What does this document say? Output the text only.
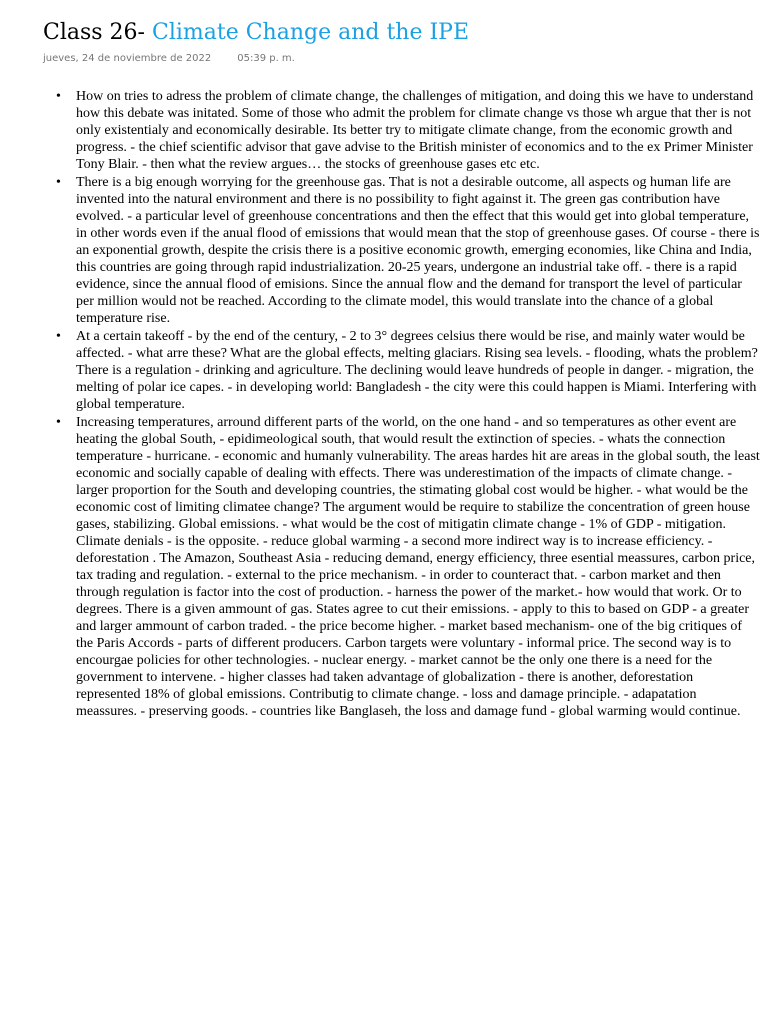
Class 26- Climate Change and the IPE
jueves, 24 de noviembre de 2022	05:39 p. m.
•
How on tries to adress the problem of climate change, the challenges of mitigation, and doing this we have to understand how this debate was initated. Some of those who admit the problem for climate change vs those wh argue that ther is not only existentialy and economically desirable. Its better try to mitigate climate change, from the economic growth and progress. - the chief scientific advisor that gave advise to the British minister of economics and to the ex Primer Minister Tony Blair. - then what the review argues… the stocks of greenhouse gases etc etc.
•
There is a big enough worrying for the greenhouse gas. That is not a desirable outcome, all aspects og human life are invented into the natural environment and there is no possibility to fight against it. The green gas contribution have evolved. - a particular level of greenhouse concentrations and then the effect that this would get into global temperature, in other words even if the anual flood of emissions that would mean that the stop of greenhouse gases. Of course - there is an exponential growth, despite the crisis there is a positive economic growth, emerging economies, like China and India, this countries are going through rapid industrialization. 20-25 years, undergone an industrial take off. - there is a rapid evidence, since the annual flood of emisions. Since the annual flow and the demand for transport the level of particular per million would not be reached. According to the climate model, this would translate into the chance of a global temperature rise.
•
At a certain takeoff - by the end of the century, - 2 to 3° degrees celsius there would be rise, and mainly water would be affected. - what arre these? What are the global effects, melting glaciars. Rising sea levels. - flooding, whats the problem? There is a regulation - drinking and agriculture. The declining would leave hundreds of people in danger. - migration, the melting of polar ice capes. - in developing world: Bangladesh - the city were this could happen is Miami. Interfering with global temperature.
•
Increasing temperatures, arround different parts of the world, on the one hand - and so temperatures as other event are heating the global South, - epidimeological south, that would result the extinction of species. - whats the connection temperature - hurricane. - economic and humanly vulnerability. The areas hardes hit are areas in the global south, the least economic and socially capable of dealing with effects. There was underestimation of the impacts of climate change. - larger proportion for the South and developing countries, the stimating global cost would be higher. - what would be the economic cost of limiting climatee change? The argument would be require to stabilize the concentration of green house gases, stabilizing. Global emissions. - what would be the cost of mitigatin climate change - 1% of GDP - mitigation. Climate denials - is the opposite. - reduce global warming - a second more indirect way is to increase efficiency. - deforestation . The Amazon, Southeast Asia - reducing demand, energy efficiency, three esential meassures, carbon price, tax trading and regulation. - external to the price mechanism. - in order to counteract that. - carbon market and then through regulation is factor into the cost of production. - harness the power of the market.- how would that work. Or to degrees. There is a given ammount of gas. States agree to cut their emissions. - apply to this to based on GDP - a greater and larger ammount of carbon traded. - the price become higher. - market based mechanism- one of the big critiques of the Paris Accords - parts of different producers. Carbon targets were voluntary - informal price. The second way is to encourgae policies for other technologies. - nuclear energy. - market cannot be the only one there is a need for the government to intervene. - higher classes had taken advantage of globalization - there is another, deforestation represented 18% of global emissions. Contributig to climate change. - loss and damage principle. - adapatation meassures. - preserving goods. - countries like Banglaseh, the loss and damage fund - global warming would continue.
